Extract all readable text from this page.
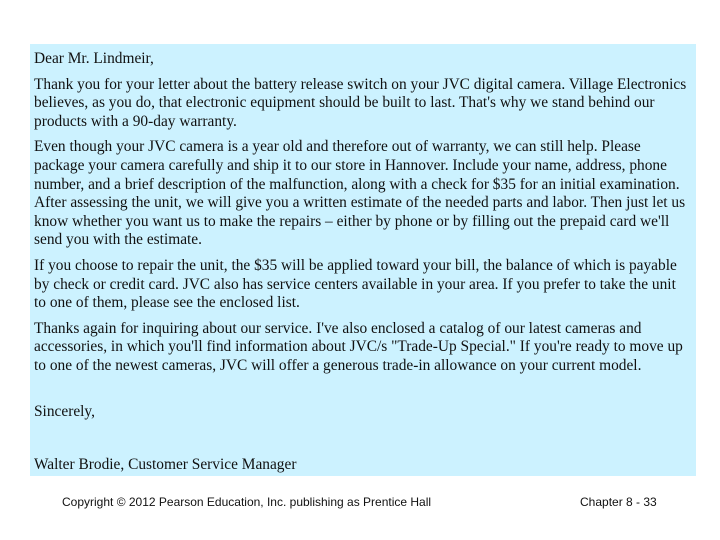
Dear Mr. Lindmeir,

Thank you for your letter about the battery release switch on your JVC digital camera. Village Electronics believes, as you do, that electronic equipment should be built to last. That's why we stand behind our products with a 90-day warranty.

Even though your JVC camera is a year old and therefore out of warranty, we can still help. Please package your camera carefully and ship it to our store in Hannover. Include your name, address, phone number, and a brief description of the malfunction, along with a check for $35 for an initial examination. After assessing the unit, we will give you a written estimate of the needed parts and labor. Then just let us know whether you want us to make the repairs – either by phone or by filling out the prepaid card we'll send you with the estimate.

If you choose to repair the unit, the $35 will be applied toward your bill, the balance of which is payable by check or credit card. JVC also has service centers available in your area. If you prefer to take the unit to one of them, please see the enclosed list.

Thanks again for inquiring about our service. I've also enclosed a catalog of our latest cameras and accessories, in which you'll find information about JVC/s "Trade-Up Special." If you're ready to move up to one of the newest cameras, JVC will offer a generous trade-in allowance on your current model.

Sincerely,

Walter Brodie, Customer Service Manager

Copyright © 2012 Pearson Education, Inc. publishing as Prentice Hall	Chapter 8 - 33
